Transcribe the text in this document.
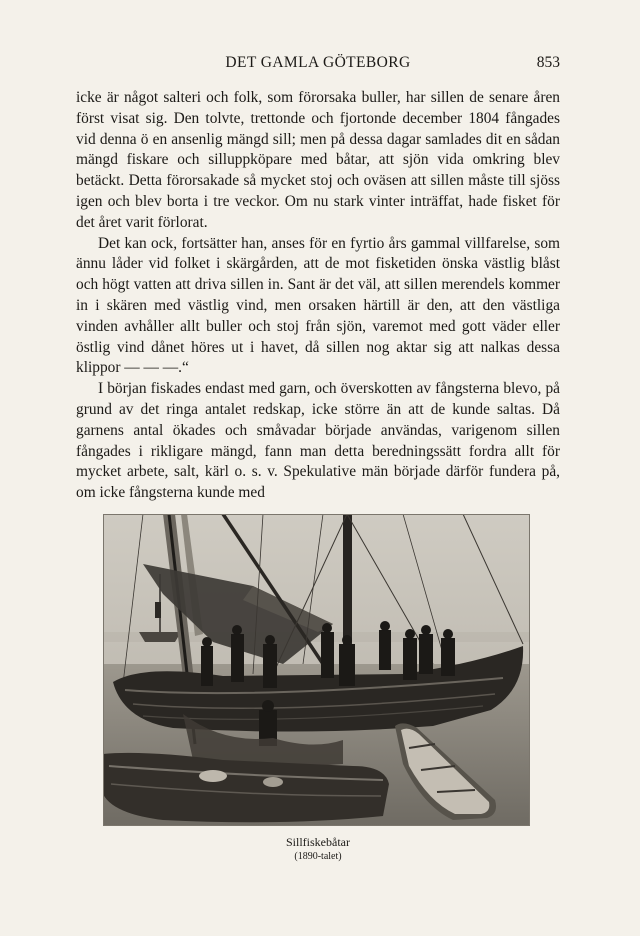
DET GAMLA GÖTEBORG	853

icke är något salteri och folk, som förorsaka buller, har sillen de senare åren först visat sig. Den tolvte, trettonde och fjortonde december 1804 fångades vid denna ö en ansenlig mängd sill; men på dessa dagar samlades dit en sådan mängd fiskare och silluppköpare med båtar, att sjön vida omkring blev betäckt. Detta förorsakade så mycket stoj och oväsen att sillen måste till sjöss igen och blev borta i tre veckor. Om nu stark vinter inträffat, hade fisket för det året varit förlorat.

Det kan ock, fortsätter han, anses för en fyrtio års gammal villfarelse, som ännu låder vid folket i skärgården, att de mot fisketiden önska västlig blåst och högt vatten att driva sillen in. Sant är det väl, att sillen merendels kommer in i skären med västlig vind, men orsaken härtill är den, att den västliga vinden avhåller allt buller och stoj från sjön, varemot med gott väder eller östlig vind dånet höres ut i havet, då sillen nog aktar sig att nalkas dessa klippor — — —.“

I början fiskades endast med garn, och överskotten av fångsterna blevo, på grund av det ringa antalet redskap, icke större än att de kunde saltas. Då garnens antal ökades och småvadar började användas, varigenom sillen fångades i rikligare mängd, fann man detta beredningssätt fordra allt för mycket arbete, salt, kärl o. s. v. Spekulative män började därför fundera på, om icke fångsterna kunde med

Sillfiskebåtar
(1890-talet)
